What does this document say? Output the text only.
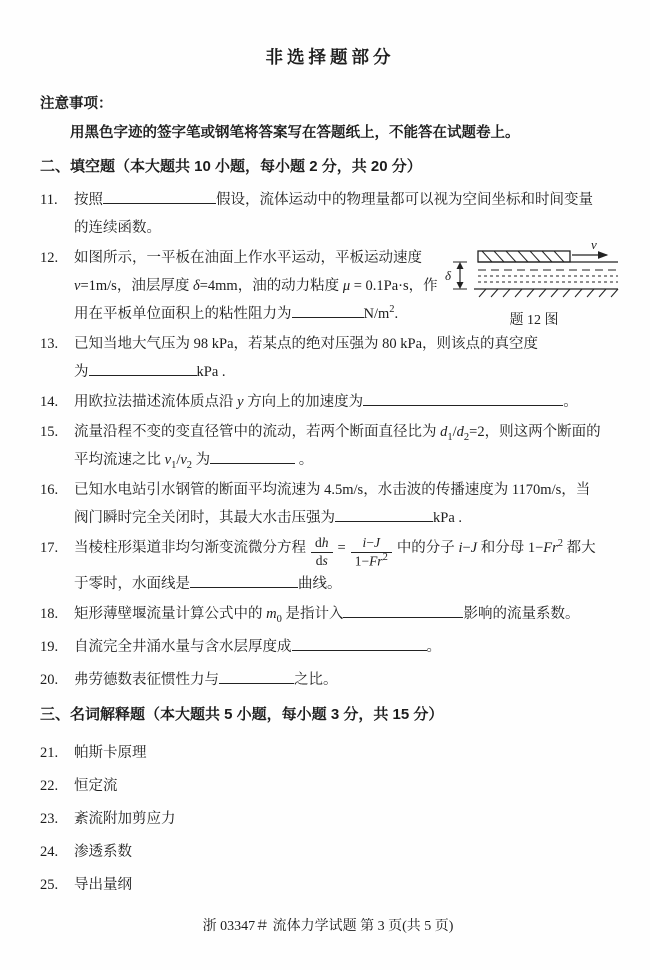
非选择题部分
注意事项：
用黑色字迹的签字笔或钢笔将答案写在答题纸上，不能答在试题卷上。
二、填空题（本大题共 10 小题，每小题 2 分，共 20 分）
11.	按照	假设，流体运动中的物理量都可以视为空间坐标和时间变量
的连续函数。
12.	如图所示，一平板在油面上作水平运动，平板运动速度
v=1m/s，油层厚度 δ=4mm，油的动力粘度 μ = 0.1Pa·s，作
用在平板单位面积上的粘性阻力为	$N/m^2$.
v
δ
题 12 图
13.	已知当地大气压为 98 kPa，若某点的绝对压强为 80 kPa，则该点的真空度
为	kPa .
14.	用欧拉法描述流体质点沿 y 方向上的加速度为	。
15.	流量沿程不变的变直径管中的流动，若两个断面直径比为 $d_1/d_2=2$，则这两个断面的
平均流速之比 $v_1/v_2$ 为	。
16.	已知水电站引水钢管的断面平均流速为 4.5m/s，水击波的传播速度为 1170m/s，当
阀门瞬时完全关闭时，其最大水击压强为	kPa .
17.	当棱柱形渠道非均匀渐变流微分方程 $\frac{dh}{ds} = \frac{i-J}{1-Fr^2}$ 中的分子 i−J 和分母 $1-Fr^2$ 都大
于零时，水面线是	曲线。
18.	矩形薄壁堰流量计算公式中的 $m_0$ 是指计入	影响的流量系数。
19.	自流完全井涌水量与含水层厚度成	。
20.	弗劳德数表征惯性力与	之比。
三、名词解释题（本大题共 5 小题，每小题 3 分，共 15 分）
21.	帕斯卡原理
22.	恒定流
23.	紊流附加剪应力
24.	渗透系数
25.	导出量纲
浙 03347＃ 流体力学试题 第 3 页(共 5 页)
